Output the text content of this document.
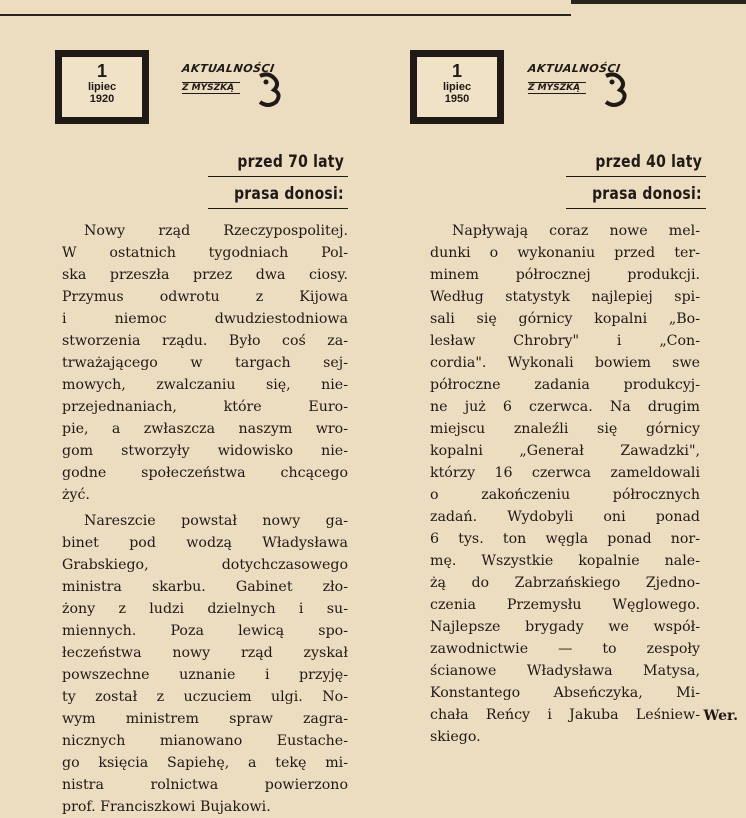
1
lipiec
1920
AKTUALNOŚCI
Z MYSZKĄ
przed 70 laty
prasa donosi:
Nowy rząd Rzeczypospolitej.
W ostatnich tygodniach Pol-
ska przeszła przez dwa ciosy.
Przymus odwrotu z Kijowa
i niemoc dwudziestodniowa
stworzenia rządu. Było coś za-
trważającego w targach sej-
mowych, zwalczaniu się, nie-
przejednaniach, które Euro-
pie, a zwłaszcza naszym wro-
gom stworzyły widowisko nie-
godne społeczeństwa chcącego
żyć.
Nareszcie powstał nowy ga-
binet pod wodzą Władysława
Grabskiego, dotychczasowego
ministra skarbu. Gabinet zło-
żony z ludzi dzielnych i su-
miennych. Poza lewicą spo-
łeczeństwa nowy rząd zyskał
powszechne uznanie i przyję-
ty został z uczuciem ulgi. No-
wym ministrem spraw zagra-
nicznych mianowano Eustache-
go księcia Sapiehę, a tekę mi-
nistra rolnictwa powierzono
prof. Franciszkowi Bujakowi.
1
lipiec
1950
AKTUALNOŚCI
Z MYSZKĄ
przed 40 laty
prasa donosi:
Napływają coraz nowe mel-
dunki o wykonaniu przed ter-
minem półrocznej produkcji.
Według statystyk najlepiej spi-
sali się górnicy kopalni „Bo-
lesław Chrobry" i „Con-
cordia". Wykonali bowiem swe
półroczne zadania produkcyj-
ne już 6 czerwca. Na drugim
miejscu znaleźli się górnicy
kopalni „Generał Zawadzki",
którzy 16 czerwca zameldowali
o zakończeniu półrocznych
zadań. Wydobyli oni ponad
6 tys. ton węgla ponad nor-
mę. Wszystkie kopalnie nale-
żą do Zabrzańskiego Zjedno-
czenia Przemysłu Węglowego.
Najlepsze brygady we współ-
zawodnictwie — to zespoły
ścianowe Władysława Matysa,
Konstantego Abseńczyka, Mi-
chała Reńcy i Jakuba Leśniew-
skiego.
Wer.
